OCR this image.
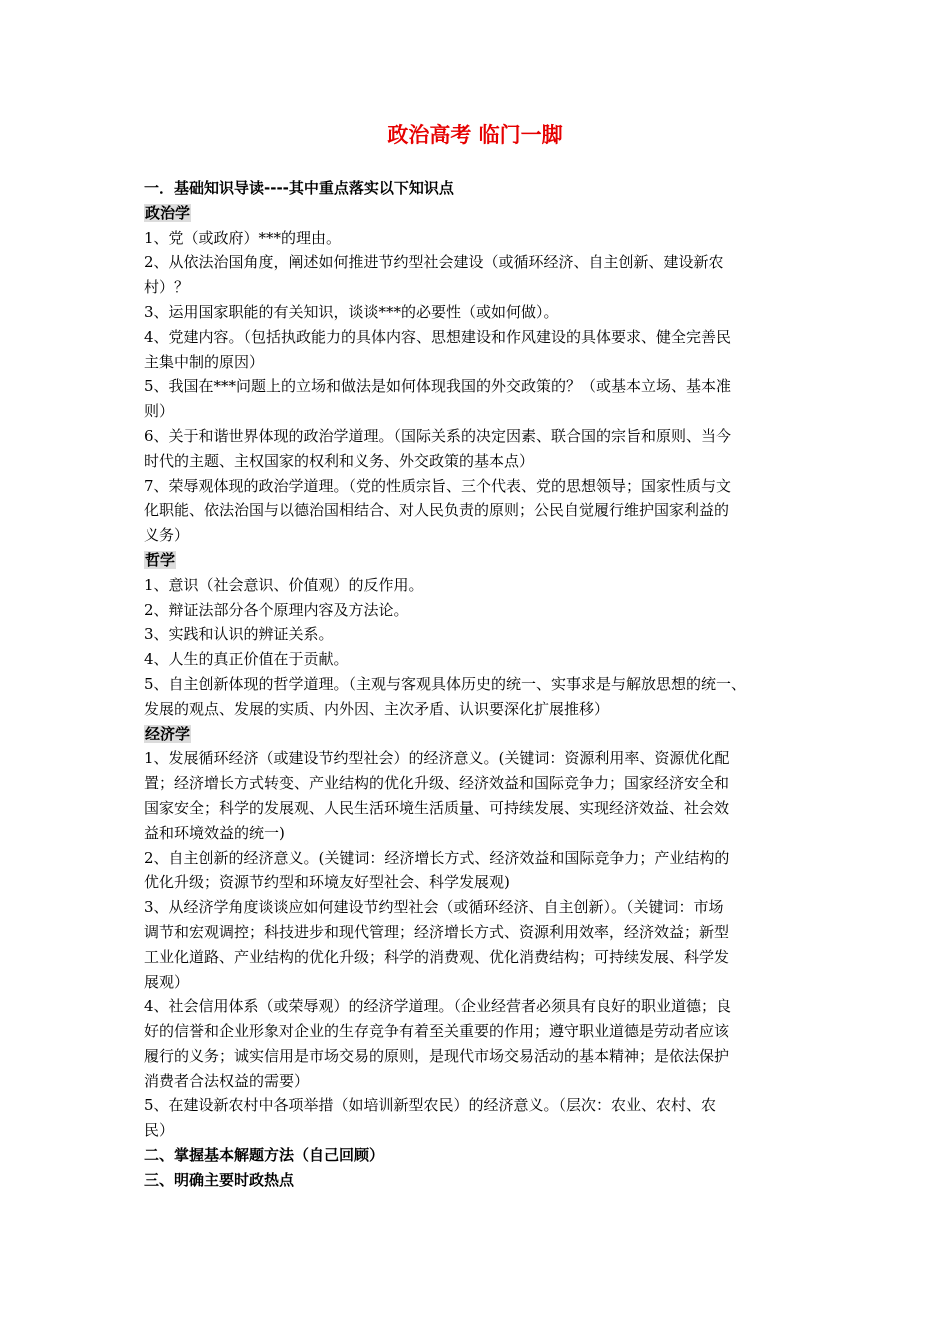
政治高考 临门一脚
一．基础知识导读----其中重点落实以下知识点
政治学
1、党（或政府）***的理由。
2、从依法治国角度，阐述如何推进节约型社会建设（或循环经济、自主创新、建设新农
村）？
3、运用国家职能的有关知识，谈谈***的必要性（或如何做）。
4、党建内容。（包括执政能力的具体内容、思想建设和作风建设的具体要求、健全完善民
主集中制的原因）
5、我国在***问题上的立场和做法是如何体现我国的外交政策的？（或基本立场、基本准
则）
6、关于和谐世界体现的政治学道理。（国际关系的决定因素、联合国的宗旨和原则、当今
时代的主题、主权国家的权利和义务、外交政策的基本点）
7、荣辱观体现的政治学道理。（党的性质宗旨、三个代表、党的思想领导；国家性质与文
化职能、依法治国与以德治国相结合、对人民负责的原则；公民自觉履行维护国家利益的
义务）
哲学
1、意识（社会意识、价值观）的反作用。
2、辩证法部分各个原理内容及方法论。
3、实践和认识的辨证关系。
4、人生的真正价值在于贡献。
5、自主创新体现的哲学道理。（主观与客观具体历史的统一、实事求是与解放思想的统一、
发展的观点、发展的实质、内外因、主次矛盾、认识要深化扩展推移）
经济学
1、发展循环经济（或建设节约型社会）的经济意义。(关键词：资源利用率、资源优化配
置；经济增长方式转变、产业结构的优化升级、经济效益和国际竞争力；国家经济安全和
国家安全；科学的发展观、人民生活环境生活质量、可持续发展、实现经济效益、社会效
益和环境效益的统一)
2、自主创新的经济意义。(关键词：经济增长方式、经济效益和国际竞争力；产业结构的
优化升级；资源节约型和环境友好型社会、科学发展观)
3、从经济学角度谈谈应如何建设节约型社会（或循环经济、自主创新）。（关键词：市场
调节和宏观调控；科技进步和现代管理；经济增长方式、资源利用效率，经济效益；新型
工业化道路、产业结构的优化升级；科学的消费观、优化消费结构；可持续发展、科学发
展观）
4、社会信用体系（或荣辱观）的经济学道理。（企业经营者必须具有良好的职业道德；良
好的信誉和企业形象对企业的生存竞争有着至关重要的作用；遵守职业道德是劳动者应该
履行的义务；诚实信用是市场交易的原则，是现代市场交易活动的基本精神；是依法保护
消费者合法权益的需要）
5、在建设新农村中各项举措（如培训新型农民）的经济意义。（层次：农业、农村、农
民）
二、掌握基本解题方法（自己回顾）
三、明确主要时政热点
